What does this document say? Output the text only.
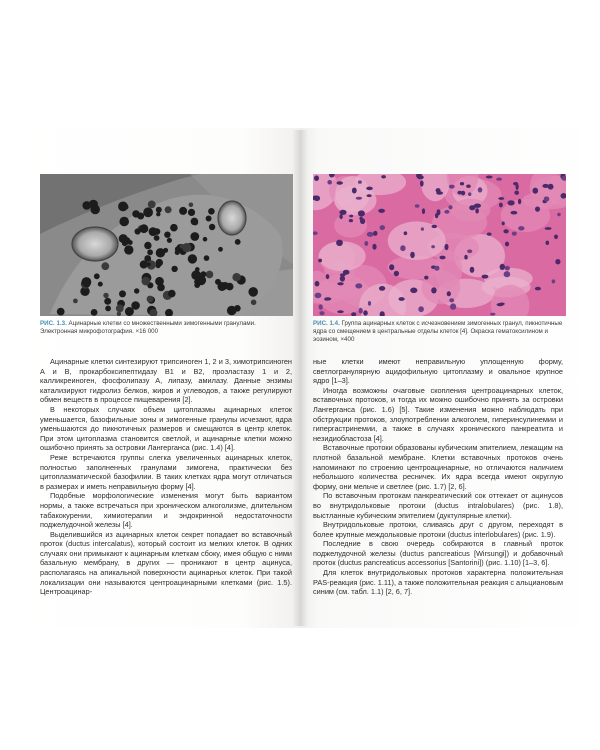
РИС. 1.3. Ацинарные клетки со множественными зимогенными гранулами. Электронная микрофотография. ×16 000
РИС. 1.4. Группа ацинарных клеток с исчезновением зимогенных гранул, пикнотичные ядра со смещением в центральные отделы клеток [4]. Окраска гематоксилином и эозином, ×400

Ацинарные клетки синтезируют трипсиноген 1, 2 и 3, химотрипсиноген А и В, прокарбоксипептидазу B1 и B2, проэластазу 1 и 2, калликреиноген, фосфолипазу А, липазу, амилазу. Данные энзимы катализируют гидролиз белков, жиров и углеводов, а также регулируют обмен веществ в процессе пищеварения [2].

В некоторых случаях объем цитоплазмы ацинарных клеток уменьшается, базофильные зоны и зимогенные гранулы исчезают, ядра уменьшаются до пикнотичных размеров и смещаются в центр клеток. При этом цитоплазма становится светлой, и ацинарные клетки можно ошибочно принять за островки Лангерганса (рис. 1.4) [4].

Реже встречаются группы слегка увеличенных ацинарных клеток, полностью заполненных гранулами зимогена, практически без цитоплазматической базофилии. В таких клетках ядра могут отличаться в размерах и иметь неправильную форму [4].

Подобные морфологические изменения могут быть вариантом нормы, а также встречаться при хроническом алкоголизме, длительном табакокурении, химиотерапии и эндокринной недостаточности поджелудочной железы [4].

Выделившийся из ацинарных клеток секрет попадает во вставочный проток (ductus intercalatus), который состоит из мелких клеток. В одних случаях они примыкают к ацинарным клеткам сбоку, имея общую с ними базальную мембрану, в других — проникают в центр ацинуса, располагаясь на апикальной поверхности ацинарных клеток. При такой локализации они называются центроацинарными клетками (рис. 1.5). Центроацинар-

ные клетки имеют неправильную уплощенную форму, светлогранулярную ацидофильную цитоплазму и овальное крупное ядро [1–3].

Иногда возможны очаговые скопления центроацинарных клеток, вставочных протоков, и тогда их можно ошибочно принять за островки Лангерганса (рис. 1.6) [5]. Такие изменения можно наблюдать при обструкции протоков, злоупотреблении алкоголем, гиперинсулинемии и гипергастринемии, а также в случаях хронического панкреатита и незидиобластоза [4].

Вставочные протоки образованы кубическим эпителием, лежащим на плотной базальной мембране. Клетки вставочных протоков очень напоминают по строению центроацинарные, но отличаются наличием небольшого количества ресничек. Их ядра всегда имеют округлую форму, они мельче и светлее (рис. 1.7) [2, 6].

По вставочным протокам панкреатический сок оттекает от ацинусов во внутридольковые протоки (ductus intralobulares) (рис. 1.8), выстланные кубическим эпителием (дуктулярные клетки).

Внутридольковые протоки, сливаясь друг с другом, переходят в более крупные междольковые протоки (ductus interlobulares) (рис. 1.9).

Последние в свою очередь собираются в главный проток поджелудочной железы (ductus pancreaticus [Wirsungi]) и добавочный проток (ductus pancreaticus accessorius [Santorini]) (рис. 1.10) [1–3, 6].

Для клеток внутридольковых протоков характерна положительная PAS-реакция (рис. 1.11), а также положительная реакция с альциановым синим (см. табл. 1.1) [2, 6, 7].
